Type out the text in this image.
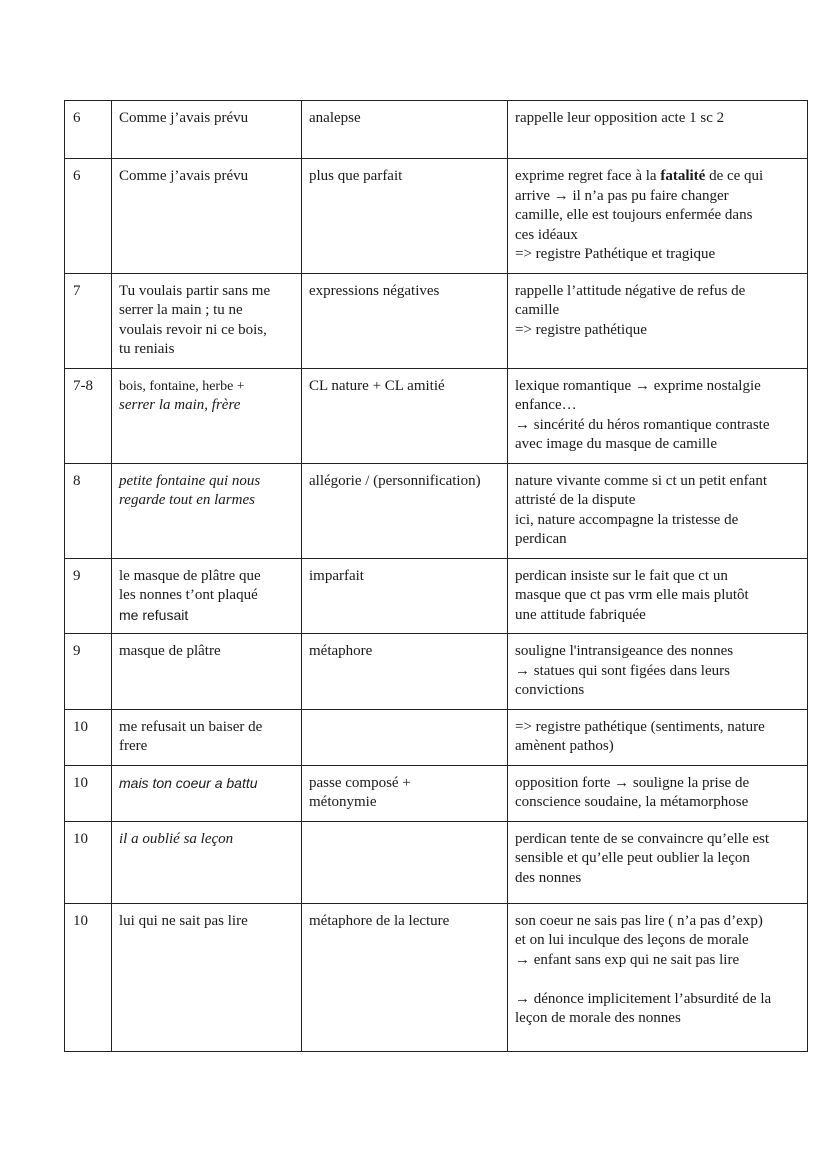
6	Comme j’avais prévu	analepse	rappelle leur opposition acte 1 sc 2

6	Comme j’avais prévu	plus que parfait	exprime regret face à la fatalité de ce qui
arrive → il n’a pas pu faire changer
camille, elle est toujours enfermée dans
ces idéaux
=> registre Pathétique et tragique

7	Tu voulais partir sans me
serrer la main ; tu ne
voulais revoir ni ce bois,
tu reniais	expressions négatives	rappelle l’attitude négative de refus de
camille
=> registre pathétique

7-8	bois, fontaine, herbe +
serrer la main, frère	CL nature + CL amitié	lexique romantique → exprime nostalgie
enfance…
→ sincérité du héros romantique contraste
avec image du masque de camille

8	petite fontaine qui nous
regarde tout en larmes	allégorie / (personnification)	nature vivante comme si ct un petit enfant
attristé de la dispute
ici, nature accompagne la tristesse de
perdican

9	le masque de plâtre que
les nonnes t’ont plaqué
me refusait	imparfait	perdican insiste sur le fait que ct un
masque que ct pas vrm elle mais plutôt
une attitude fabriquée

9	masque de plâtre	métaphore	souligne l'intransigeance des nonnes
→ statues qui sont figées dans leurs
convictions

10	me refusait un baiser de
frere		=> registre pathétique (sentiments, nature
amènent pathos)

10	mais ton coeur a battu	passe composé +
métonymie	opposition forte → souligne la prise de
conscience soudaine, la métamorphose

10	il a oublié sa leçon		perdican tente de se convaincre qu’elle est
sensible et qu’elle peut oublier la leçon
des nonnes

10	lui qui ne sait pas lire	métaphore de la lecture	son coeur ne sais pas lire ( n’a pas d’exp)
et on lui inculque des leçons de morale
→ enfant sans exp qui ne sait pas lire
→ dénonce implicitement l’absurdité de la
leçon de morale des nonnes
